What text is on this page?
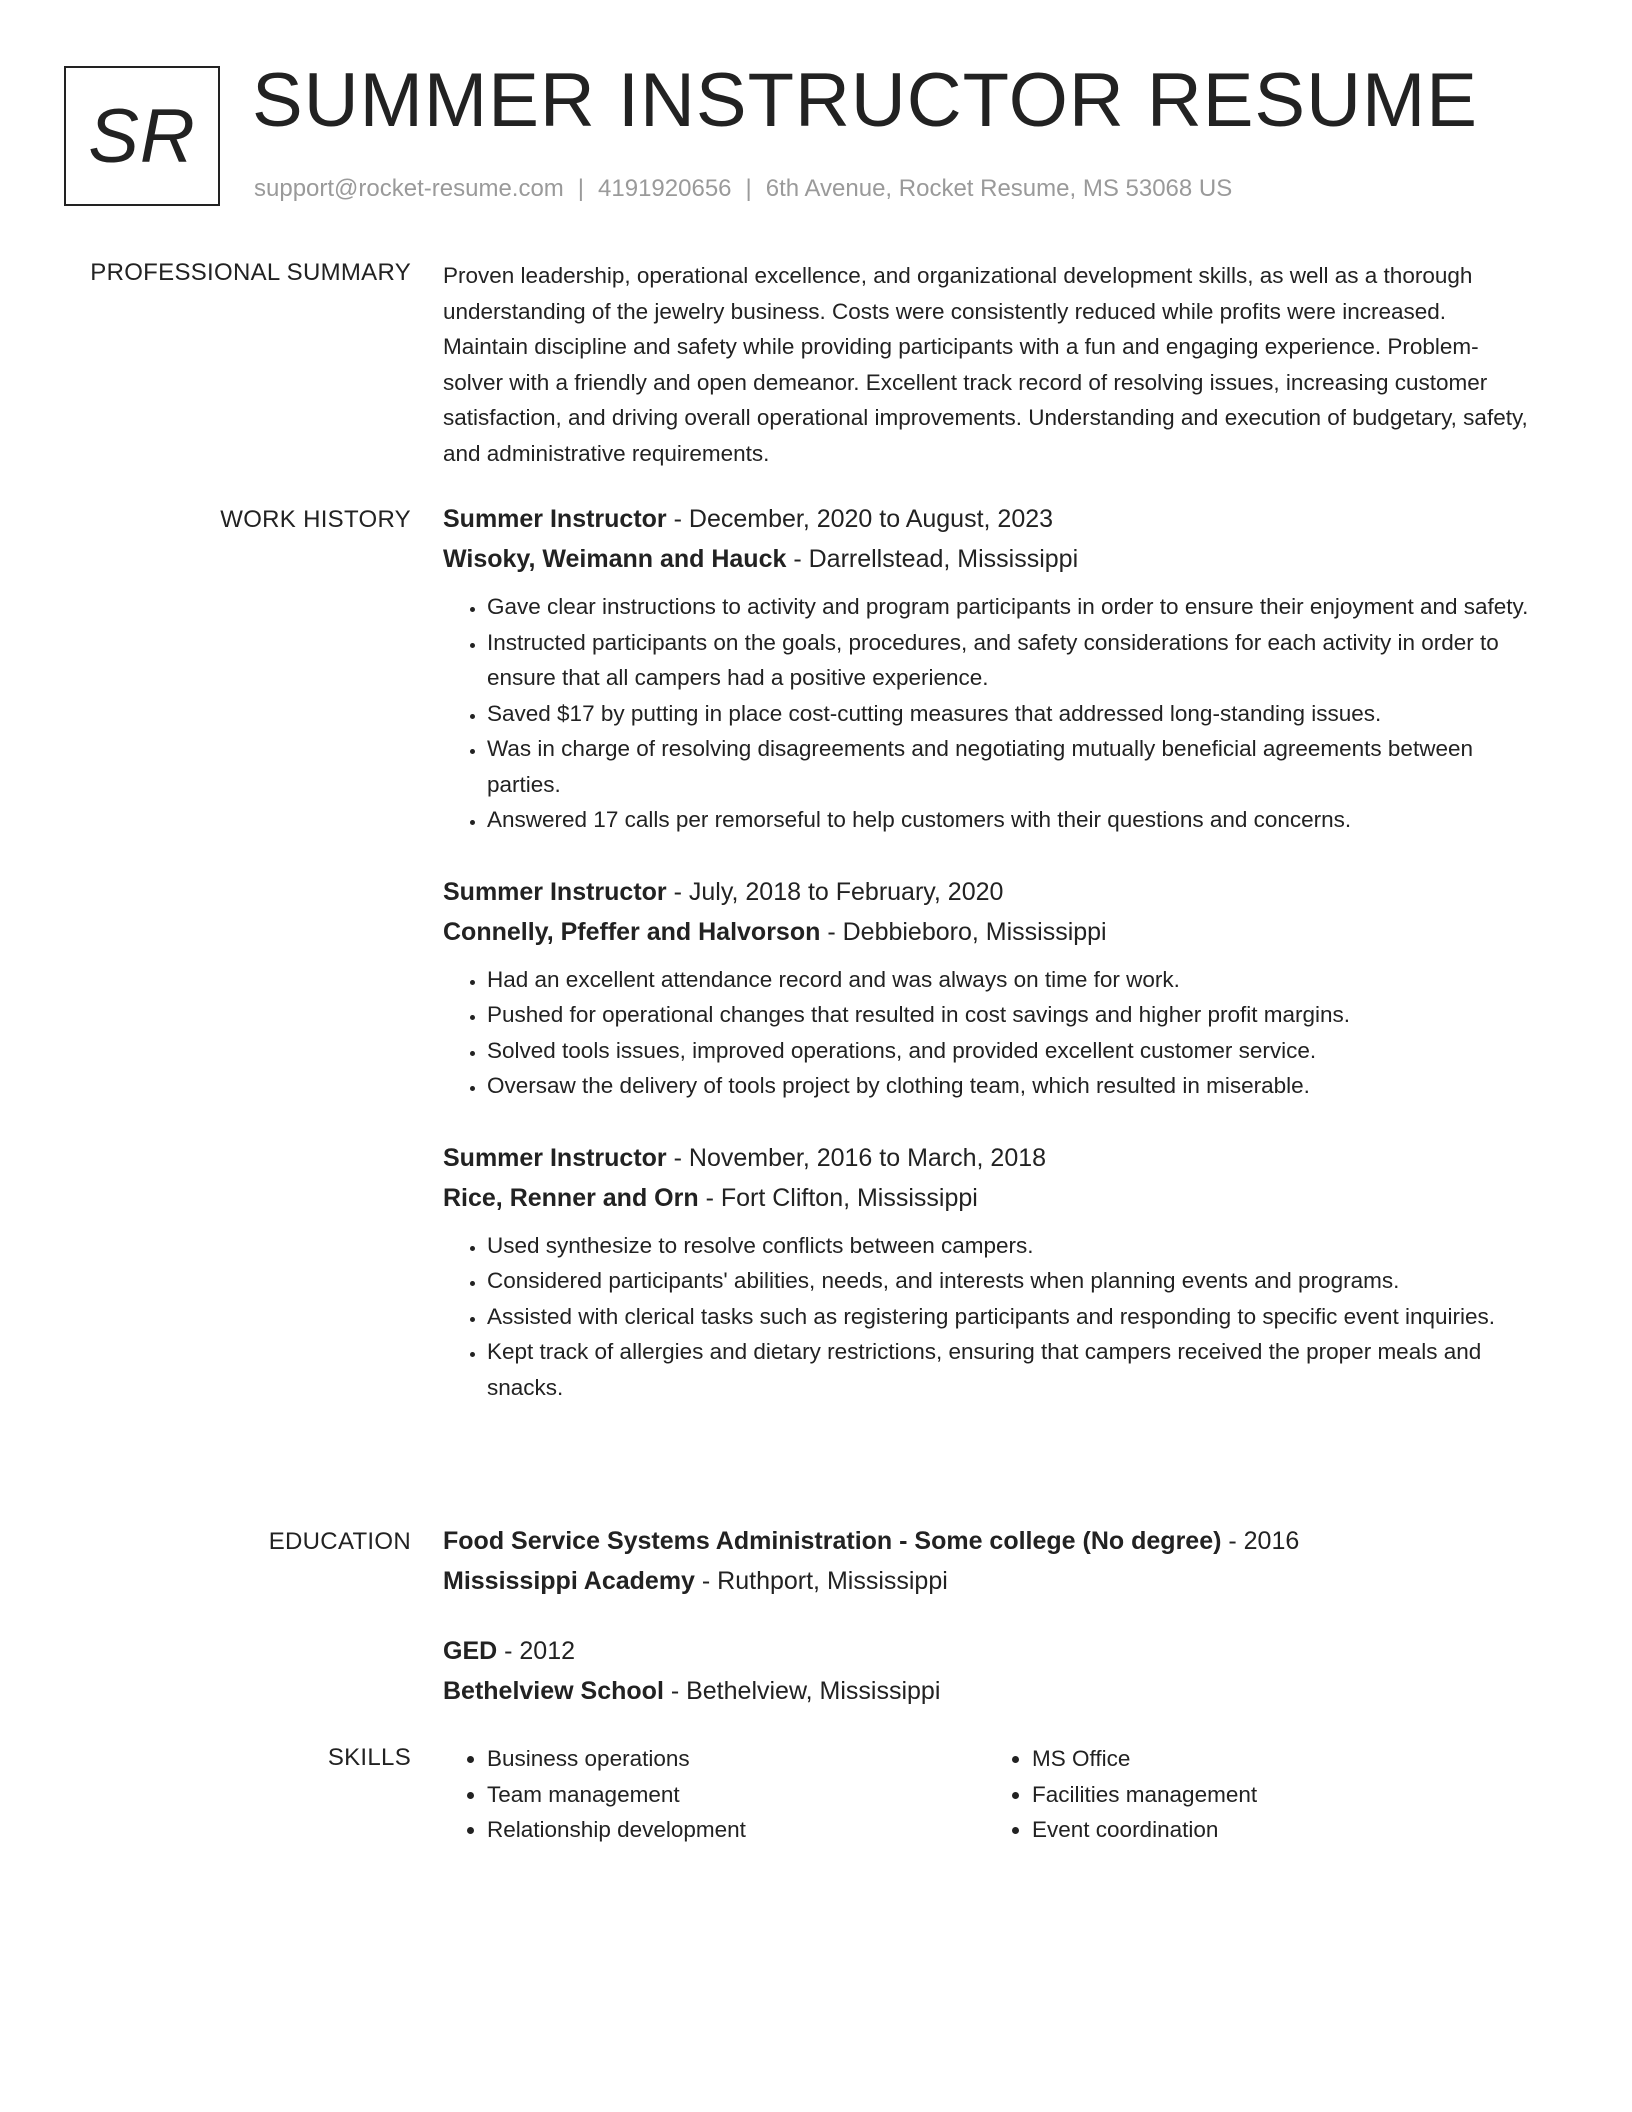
SR SUMMER INSTRUCTOR RESUME
support@rocket-resume.com | 4191920656 | 6th Avenue, Rocket Resume, MS 53068 US
PROFESSIONAL SUMMARY Proven leadership, operational excellence, and organizational development skills, as well as a thorough understanding of the jewelry business. Costs were consistently reduced while profits were increased. Maintain discipline and safety while providing participants with a fun and engaging experience. Problem-solver with a friendly and open demeanor. Excellent track record of resolving issues, increasing customer satisfaction, and driving overall operational improvements. Understanding and execution of budgetary, safety, and administrative requirements.

WORK HISTORY Summer Instructor - December, 2020 to August, 2023
Wisoky, Weimann and Hauck - Darrellstead, Mississippi
• Gave clear instructions to activity and program participants in order to ensure their enjoyment and safety.
• Instructed participants on the goals, procedures, and safety considerations for each activity in order to ensure that all campers had a positive experience.
• Saved $17 by putting in place cost-cutting measures that addressed long-standing issues.
• Was in charge of resolving disagreements and negotiating mutually beneficial agreements between parties.
• Answered 17 calls per remorseful to help customers with their questions and concerns.
Summer Instructor - July, 2018 to February, 2020
Connelly, Pfeffer and Halvorson - Debbieboro, Mississippi
• Had an excellent attendance record and was always on time for work.
• Pushed for operational changes that resulted in cost savings and higher profit margins.
• Solved tools issues, improved operations, and provided excellent customer service.
• Oversaw the delivery of tools project by clothing team, which resulted in miserable.
Summer Instructor - November, 2016 to March, 2018
Rice, Renner and Orn - Fort Clifton, Mississippi
• Used synthesize to resolve conflicts between campers.
• Considered participants' abilities, needs, and interests when planning events and programs.
• Assisted with clerical tasks such as registering participants and responding to specific event inquiries.
• Kept track of allergies and dietary restrictions, ensuring that campers received the proper meals and snacks.
EDUCATION Food Service Systems Administration - Some college (No degree) - 2016
Mississippi Academy - Ruthport, Mississippi
GED - 2012
Bethelview School - Bethelview, Mississippi
SKILLS
•	Business operations
• Team management
• Relationship development
• MS Office
• Facilities management
• Event coordination
